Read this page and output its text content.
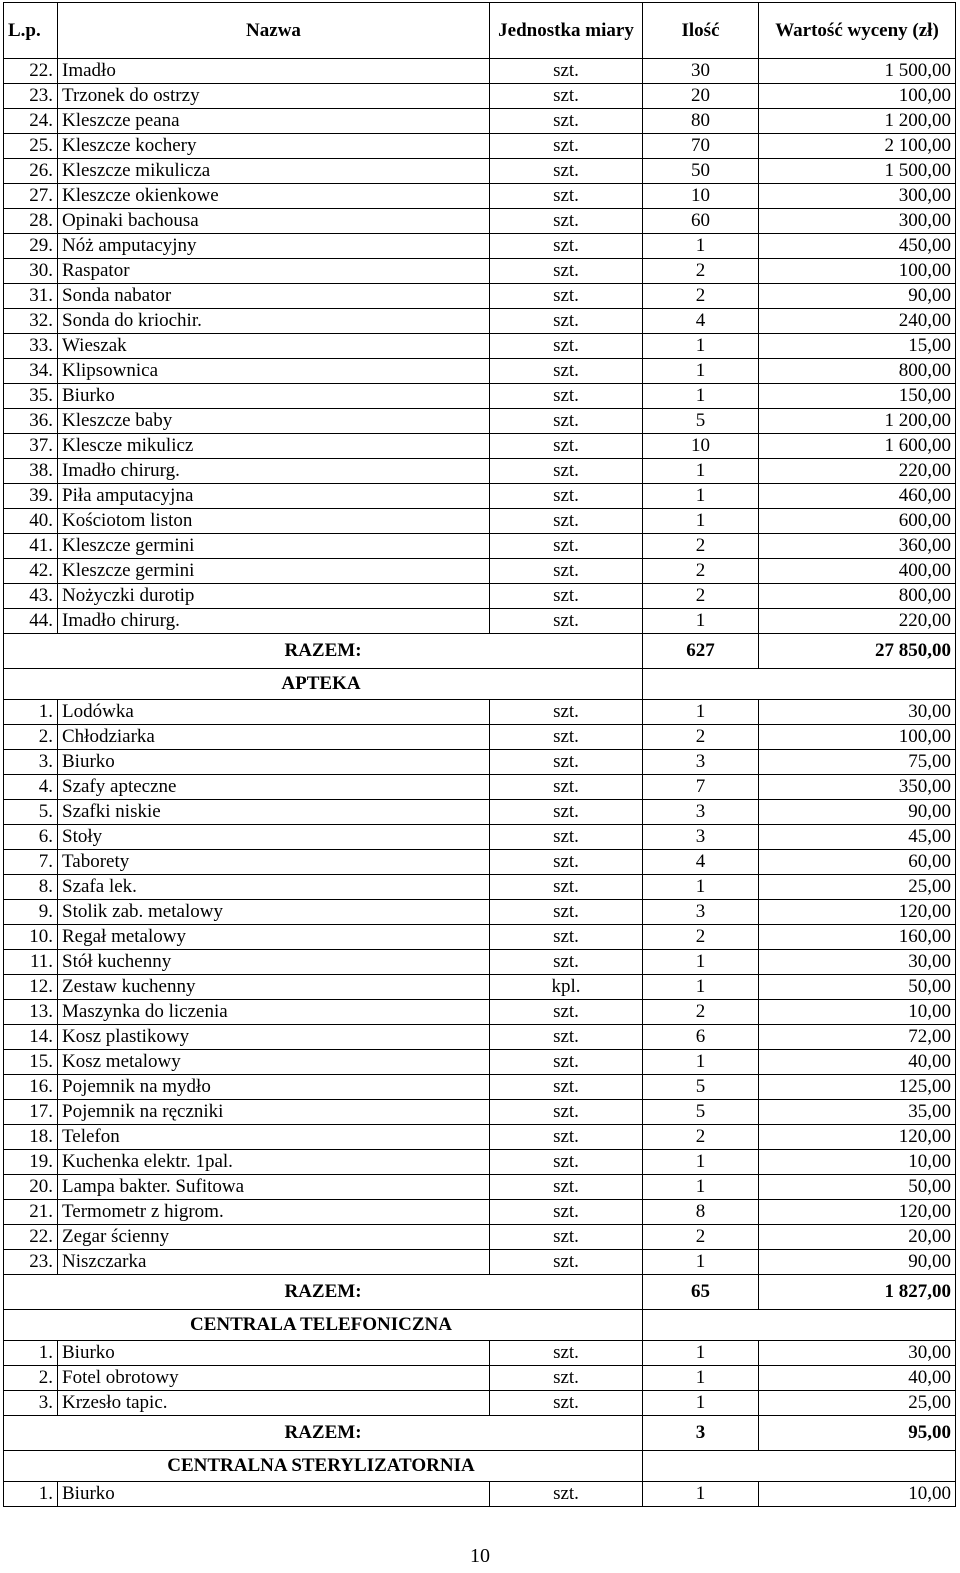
L.p.	Nazwa	Jednostka miary	Ilość	Wartość wyceny (zł)
22.	Imadło	szt.	30	1 500,00
23.	Trzonek do ostrzy	szt.	20	100,00
24.	Kleszcze peana	szt.	80	1 200,00
25.	Kleszcze kochery	szt.	70	2 100,00
26.	Kleszcze mikulicza	szt.	50	1 500,00
27.	Kleszcze okienkowe	szt.	10	300,00
28.	Opinaki bachousa	szt.	60	300,00
29.	Nóż amputacyjny	szt.	1	450,00
30.	Raspator	szt.	2	100,00
31.	Sonda nabator	szt.	2	90,00
32.	Sonda do kriochir.	szt.	4	240,00
33.	Wieszak	szt.	1	15,00
34.	Klipsownica	szt.	1	800,00
35.	Biurko	szt.	1	150,00
36.	Kleszcze baby	szt.	5	1 200,00
37.	Klescze mikulicz	szt.	10	1 600,00
38.	Imadło chirurg.	szt.	1	220,00
39.	Piła amputacyjna	szt.	1	460,00
40.	Kościotom liston	szt.	1	600,00
41.	Kleszcze germini	szt.	2	360,00
42.	Kleszcze germini	szt.	2	400,00
43.	Nożyczki durotip	szt.	2	800,00
44.	Imadło chirurg.	szt.	1	220,00
RAZEM:			627	27 850,00
APTEKA				
1.	Lodówka	szt.	1	30,00
2.	Chłodziarka	szt.	2	100,00
3.	Biurko	szt.	3	75,00
4.	Szafy apteczne	szt.	7	350,00
5.	Szafki niskie	szt.	3	90,00
6.	Stoły	szt.	3	45,00
7.	Taborety	szt.	4	60,00
8.	Szafa lek.	szt.	1	25,00
9.	Stolik zab. metalowy	szt.	3	120,00
10.	Regał metalowy	szt.	2	160,00
11.	Stół kuchenny	szt.	1	30,00
12.	Zestaw kuchenny	kpl.	1	50,00
13.	Maszynka do liczenia	szt.	2	10,00
14.	Kosz plastikowy	szt.	6	72,00
15.	Kosz metalowy	szt.	1	40,00
16.	Pojemnik na mydło	szt.	5	125,00
17.	Pojemnik na ręczniki	szt.	5	35,00
18.	Telefon	szt.	2	120,00
19.	Kuchenka elektr. 1pal.	szt.	1	10,00
20.	Lampa bakter. Sufitowa	szt.	1	50,00
21.	Termometr z higrom.	szt.	8	120,00
22.	Zegar ścienny	szt.	2	20,00
23.	Niszczarka	szt.	1	90,00
RAZEM:			65	1 827,00
CENTRALA TELEFONICZNA				
1.	Biurko	szt.	1	30,00
2.	Fotel obrotowy	szt.	1	40,00
3.	Krzesło tapic.	szt.	1	25,00
RAZEM:			3	95,00
CENTRALNA STERYLIZATORNIA				
1.	Biurko	szt.	1	10,00
10
